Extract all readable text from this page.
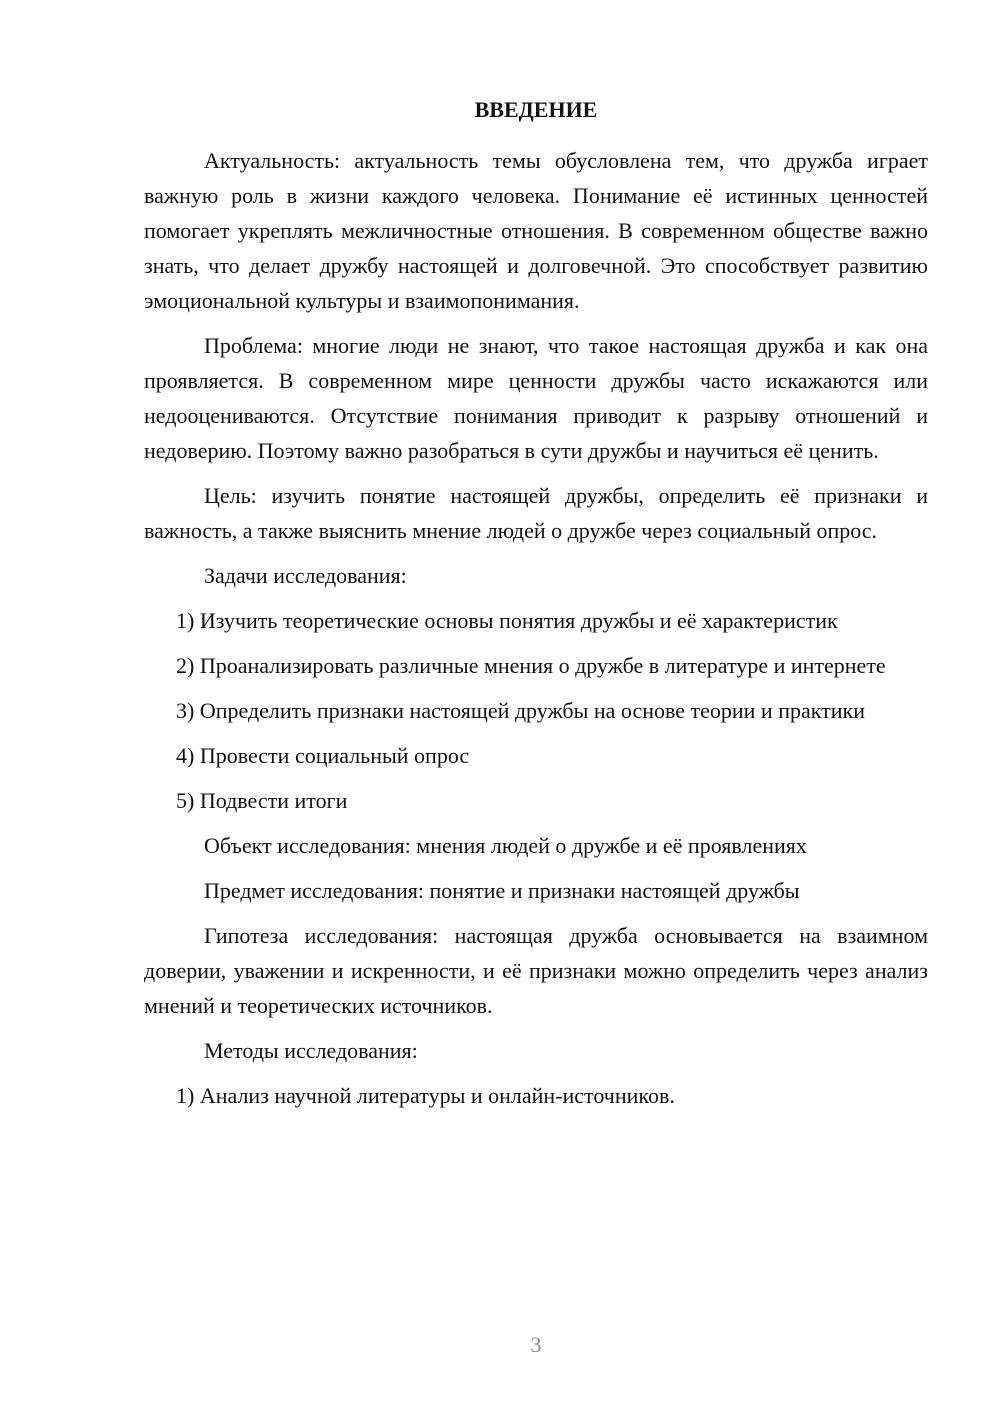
ВВЕДЕНИЕ

Актуальность: актуальность темы обусловлена тем, что дружба играет важную роль в жизни каждого человека. Понимание её истинных ценностей помогает укреплять межличностные отношения. В современном обществе важно знать, что делает дружбу настоящей и долговечной. Это способствует развитию эмоциональной культуры и взаимопонимания.

Проблема: многие люди не знают, что такое настоящая дружба и как она проявляется. В современном мире ценности дружбы часто искажаются или недооцениваются. Отсутствие понимания приводит к разрыву отношений и недоверию. Поэтому важно разобраться в сути дружбы и научиться её ценить.

Цель: изучить понятие настоящей дружбы, определить её признаки и важность, а также выяснить мнение людей о дружбе через социальный опрос.

Задачи исследования:

1) Изучить теоретические основы понятия дружбы и её характеристик

2) Проанализировать различные мнения о дружбе в литературе и интернете

3) Определить признаки настоящей дружбы на основе теории и практики

4) Провести социальный опрос

5) Подвести итоги

Объект исследования: мнения людей о дружбе и её проявлениях

Предмет исследования: понятие и признаки настоящей дружбы

Гипотеза исследования: настоящая дружба основывается на взаимном доверии, уважении и искренности, и её признаки можно определить через анализ мнений и теоретических источников.

Методы исследования:

1) Анализ научной литературы и онлайн-источников.

3
